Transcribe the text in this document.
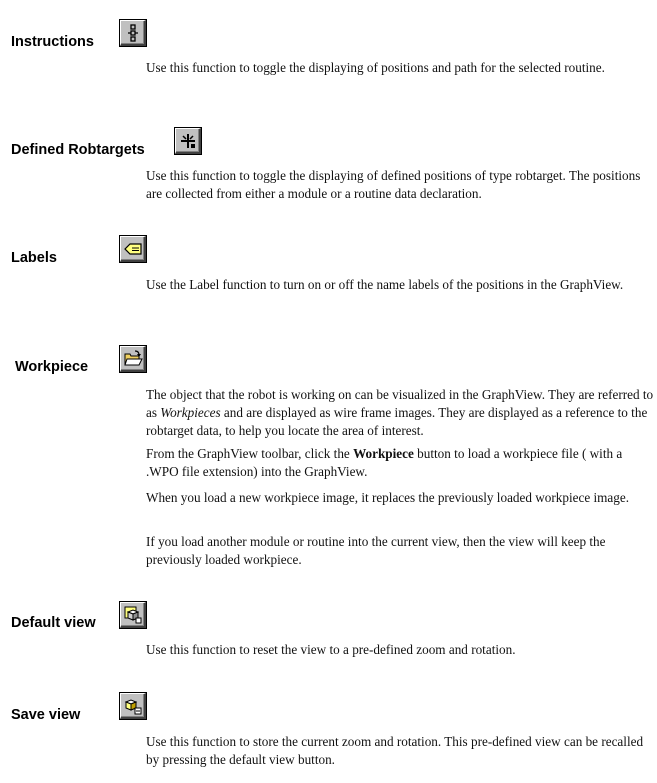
Instructions

Use this function to toggle the displaying of positions and path for the selected routine.

Defined Robtargets

Use this function to toggle the displaying of defined positions of type robtarget. The positions are collected from either a module or a routine data declaration.

Labels

Use the Label function to turn on or off the name labels of the positions in the GraphView.

Workpiece

The object that the robot is working on can be visualized in the GraphView. They are referred to as Workpieces and are displayed as wire frame images. They are displayed as a reference to the robtarget data, to help you locate the area of interest.

From the GraphView toolbar, click the Workpiece button to load a workpiece file ( with a .WPO file extension) into the GraphView.

When you load a new workpiece image, it replaces the previously loaded workpiece image.

If you load another module or routine into the current view, then the view will keep the previously loaded workpiece.

Default view

Use this function to reset the view to a pre-defined zoom and rotation.

Save view

Use this function to store the current zoom and rotation. This pre-defined view can be recalled by pressing the default view button.
